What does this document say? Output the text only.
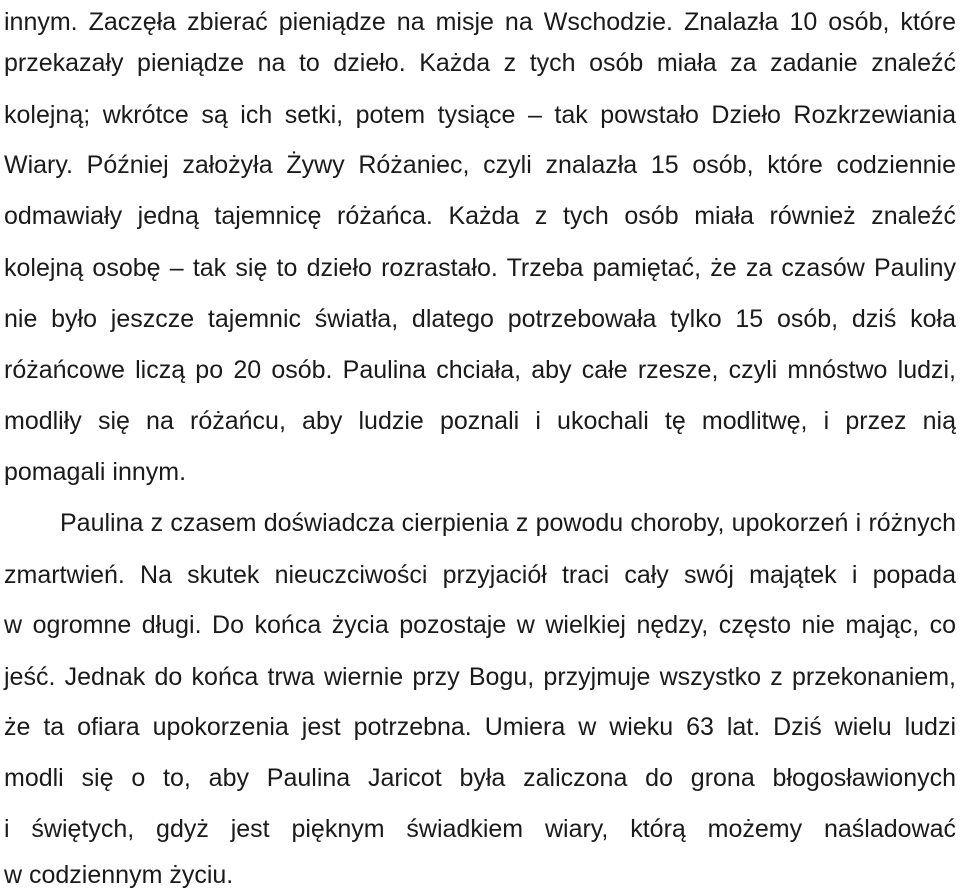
innym. Zaczęła zbierać pieniądze na misje na Wschodzie. Znalazła 10 osób, które
przekazały pieniądze na to dzieło. Każda z tych osób miała za zadanie znaleźć
kolejną; wkrótce są ich setki, potem tysiące – tak powstało Dzieło Rozkrzewiania
Wiary. Później założyła Żywy Różaniec, czyli znalazła 15 osób, które codziennie
odmawiały jedną tajemnicę różańca. Każda z tych osób miała również znaleźć
kolejną osobę – tak się to dzieło rozrastało. Trzeba pamiętać, że za czasów Pauliny
nie było jeszcze tajemnic światła, dlatego potrzebowała tylko 15 osób, dziś koła
różańcowe liczą po 20 osób. Paulina chciała, aby całe rzesze, czyli mnóstwo ludzi,
modliły się na różańcu, aby ludzie poznali i ukochali tę modlitwę, i przez nią
pomagali innym.
Paulina z czasem doświadcza cierpienia z powodu choroby, upokorzeń i różnych
zmartwień. Na skutek nieuczciwości przyjaciół traci cały swój majątek i popada
w ogromne długi. Do końca życia pozostaje w wielkiej nędzy, często nie mając, co
jeść. Jednak do końca trwa wiernie przy Bogu, przyjmuje wszystko z przekonaniem,
że ta ofiara upokorzenia jest potrzebna. Umiera w wieku 63 lat. Dziś wielu ludzi
modli się o to, aby Paulina Jaricot była zaliczona do grona błogosławionych
i świętych, gdyż jest pięknym świadkiem wiary, którą możemy naśladować
w codziennym życiu.
